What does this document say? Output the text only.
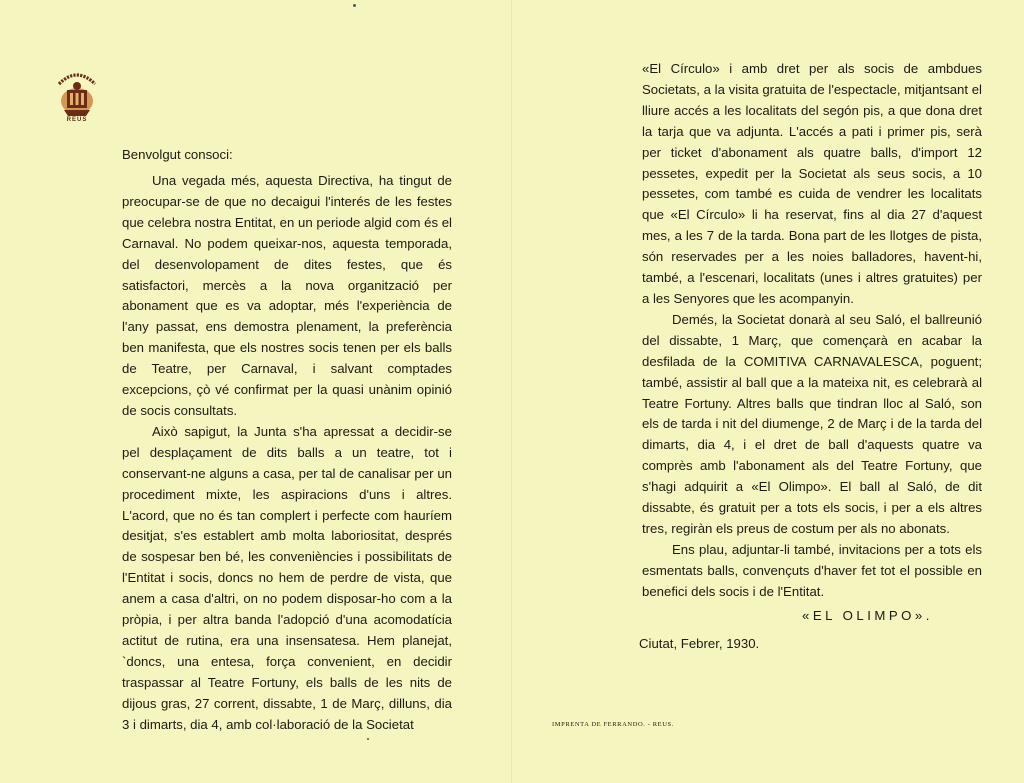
REUS
Benvolgut consoci:

Una vegada més, aquesta Directiva, ha tingut de preocupar-se de que no decaigui l'interés de les festes que celebra nostra Entitat, en un periode algid com és el Carnaval. No podem queixar-nos, aquesta temporada, del desenvolopament de dites festes, que és satisfactori, mercès a la nova organització per abonament que es va adoptar, més l'experiència de l'any passat, ens demostra plenament, la preferència ben manifesta, que els nostres socis tenen per els balls de Teatre, per Carnaval, i salvant comptades excepcions, çò vé confirmat per la quasi unànim opinió de socis consultats.

Això sapigut, la Junta s'ha apressat a decidir-se pel desplaçament de dits balls a un teatre, tot i conservant-ne alguns a casa, per tal de canalisar per un procediment mixte, les aspiracions d'uns i altres. L'acord, que no és tan complert i perfecte com hauríem desitjat, s'es establert amb molta laboriositat, després de sospesar ben bé, les conveniències i possibilitats de l'Entitat i socis, doncs no hem de perdre de vista, que anem a casa d'altri, on no podem disposar-ho com a la pròpia, i per altra banda l'adopció d'una acomodatícia actitut de rutina, era una insensatesa. Hem planejat, `doncs, una entesa, força convenient, en decidir traspassar al Teatre Fortuny, els balls de les nits de dijous gras, 27 corrent, dissabte, 1 de Març, dilluns, dia 3 i dimarts, dia 4, amb col·laboració de la Societat

«El Círculo» i amb dret per als socis de ambdues Societats, a la visita gratuita de l'espectacle, mitjantsant el lliure accés a les localitats del segón pis, a que dona dret la tarja que va adjunta. L'accés a pati i primer pis, serà per ticket d'abonament als quatre balls, d'import 12 pessetes, expedit per la Societat als seus socis, a 10 pessetes, com també es cuida de vendrer les localitats que «El Círculo» li ha reservat, fins al dia 27 d'aquest mes, a les 7 de la tarda. Bona part de les llotges de pista, són reservades per a les noies balladores, havent-hi, també, a l'escenari, localitats (unes i altres gratuites) per a les Senyores que les acompanyin.

Demés, la Societat donarà al seu Saló, el ballreunió del dissabte, 1 Març, que començarà en acabar la desfilada de la COMITIVA CARNAVALESCA, poguent; també, assistir al ball que a la mateixa nit, es celebrarà al Teatre Fortuny. Altres balls que tindran lloc al Saló, son els de tarda i nit del diumenge, 2 de Març i de la tarda del dimarts, dia 4, i el dret de ball d'aquests quatre va comprès amb l'abonament als del Teatre Fortuny, que s'hagi adquirit a «El Olimpo». El ball al Saló, de dit dissabte, és gratuit per a tots els socis, i per a els altres tres, regiràn els preus de costum per als no abonats.

Ens plau, adjuntar-li també, invitacions per a tots els esmentats balls, convençuts d'haver fet tot el possible en benefici dels socis i de l'Entitat.

«EL OLIMPO».
Ciutat, Febrer, 1930.
IMPRENTA DE FERRANDO. - REUS.
